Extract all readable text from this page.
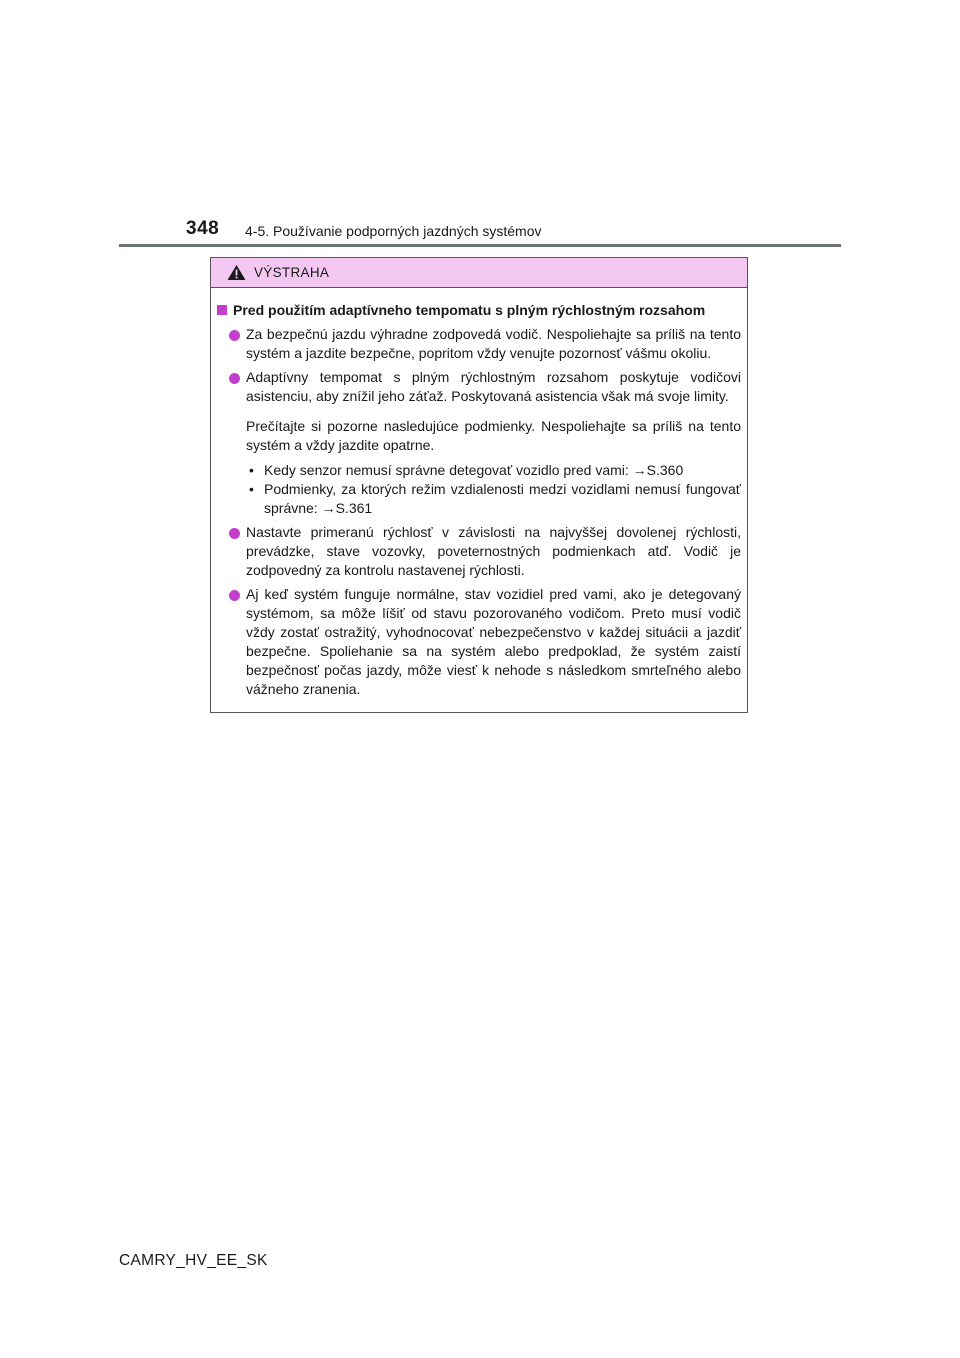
348 4-5. Používanie podporných jazdných systémov
VÝSTRAHA
Pred použitím adaptívneho tempomatu s plným rýchlostným rozsahom

Za bezpečnú jazdu výhradne zodpovedá vodič. Nespoliehajte sa príliš na tento systém a jazdite bezpečne, popritom vždy venujte pozornosť vášmu okoliu.

Adaptívny tempomat s plným rýchlostným rozsahom poskytuje vodičovi asistenciu, aby znížil jeho záťaž. Poskytovaná asistencia však má svoje limity.

Prečítajte si pozorne nasledujúce podmienky. Nespoliehajte sa príliš na tento systém a vždy jazdite opatrne.

• Kedy senzor nemusí správne detegovať vozidlo pred vami: →S.360
• Podmienky, za ktorých režim vzdialenosti medzi vozidlami nemusí fungovať správne: →S.361

Nastavte primeranú rýchlosť v závislosti na najvyššej dovolenej rýchlosti, prevádzke, stave vozovky, poveternostných podmienkach atď. Vodič je zodpovedný za kontrolu nastavenej rýchlosti.

Aj keď systém funguje normálne, stav vozidiel pred vami, ako je detegovaný systémom, sa môže líšiť od stavu pozorovaného vodičom. Preto musí vodič vždy zostať ostražitý, vyhodnocovať nebezpečenstvo v každej situácii a jazdiť bezpečne. Spoliehanie sa na systém alebo predpoklad, že systém zaistí bezpečnosť počas jazdy, môže viesť k nehode s následkom smrteľného alebo vážneho zranenia.

CAMRY_HV_EE_SK
